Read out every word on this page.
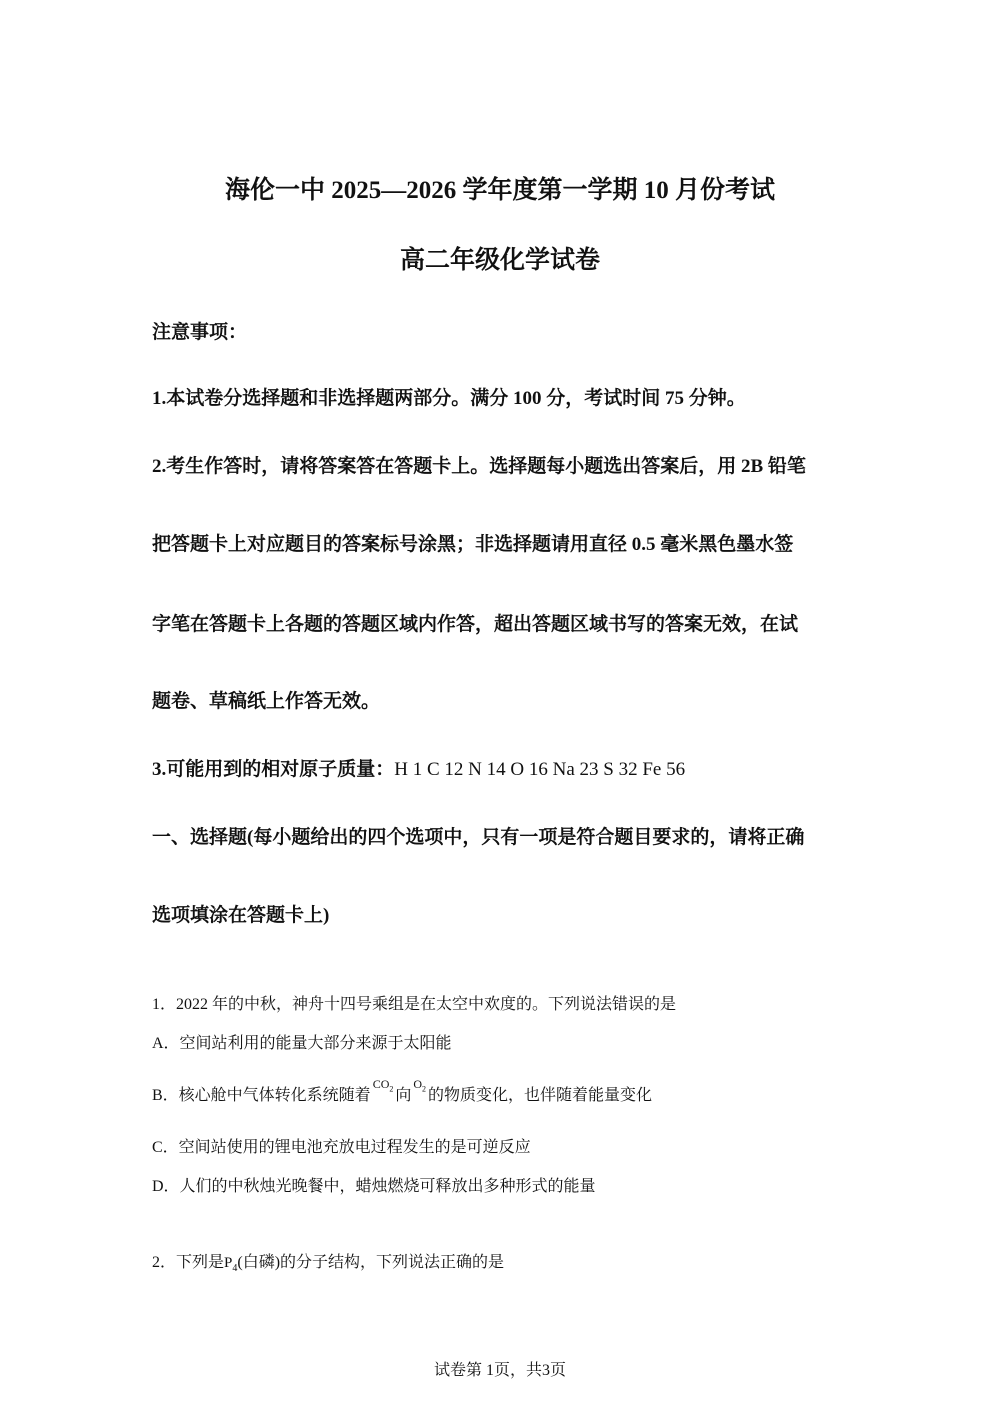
海伦一中 2025—2026 学年度第一学期 10 月份考试
高二年级化学试卷
注意事项：
1.本试卷分选择题和非选择题两部分。满分 100 分，考试时间 75 分钟。
2.考生作答时，请将答案答在答题卡上。选择题每小题选出答案后，用 2B 铅笔
把答题卡上对应题目的答案标号涂黑；非选择题请用直径 0.5 毫米黑色墨水签
字笔在答题卡上各题的答题区域内作答，超出答题区域书写的答案无效，在试
题卷、草稿纸上作答无效。
3.可能用到的相对原子质量：H 1 C 12 N 14 O 16 Na 23 S 32 Fe 56
一、选择题(每小题给出的四个选项中，只有一项是符合题目要求的，请将正确
选项填涂在答题卡上)
1．2022 年的中秋，神舟十四号乘组是在太空中欢度的。下列说法错误的是
A．空间站利用的能量大部分来源于太阳能
B．核心舱中气体转化系统随着$CO_2$ 向$O_2$ 的物质变化，也伴随着能量变化
C．空间站使用的锂电池充放电过程发生的是可逆反应
D．人们的中秋烛光晚餐中，蜡烛燃烧可释放出多种形式的能量
2．下列是$P_4$(白磷)的分子结构，下列说法正确的是
试卷第 1页，共3页
